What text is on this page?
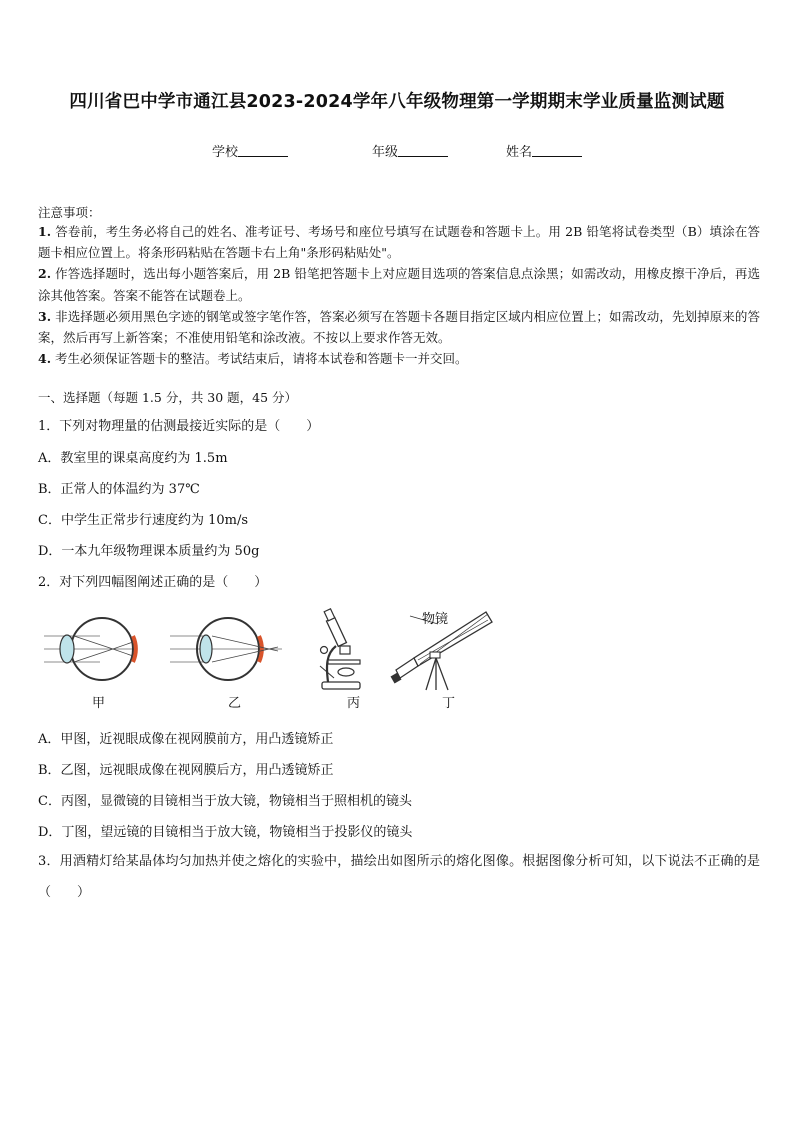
四川省巴中学市通江县2023-2024学年八年级物理第一学期期末学业质量监测试题
学校	年级	姓名
注意事项：

1. 答卷前，考生务必将自己的姓名、准考证号、考场号和座位号填写在试题卷和答题卡上。用 2B 铅笔将试卷类型（B）填涂在答题卡相应位置上。将条形码粘贴在答题卡右上角"条形码粘贴处"。

2. 作答选择题时，选出每小题答案后，用 2B 铅笔把答题卡上对应题目选项的答案信息点涂黑；如需改动，用橡皮擦干净后，再选涂其他答案。答案不能答在试题卷上。

3. 非选择题必须用黑色字迹的钢笔或签字笔作答，答案必须写在答题卡各题目指定区域内相应位置上；如需改动，先划掉原来的答案，然后再写上新答案；不准使用铅笔和涂改液。不按以上要求作答无效。

4. 考生必须保证答题卡的整洁。考试结束后，请将本试卷和答题卡一并交回。

一、选择题（每题 1.5 分，共 30 题，45 分）
1．下列对物理量的估测最接近实际的是（　　）
A．教室里的课桌高度约为 1.5m
B．正常人的体温约为 37℃
C．中学生正常步行速度约为 10m/s
D．一本九年级物理课本质量约为 50g
2．对下列四幅图阐述正确的是（　　）
物镜
甲	乙	丙	丁
A．甲图，近视眼成像在视网膜前方，用凸透镜矫正
B．乙图，远视眼成像在视网膜后方，用凸透镜矫正
C．丙图，显微镜的目镜相当于放大镜，物镜相当于照相机的镜头
D．丁图，望远镜的目镜相当于放大镜，物镜相当于投影仪的镜头
3．用酒精灯给某晶体均匀加热并使之熔化的实验中，描绘出如图所示的熔化图像。根据图像分析可知，以下说法不正确的是（　　）
